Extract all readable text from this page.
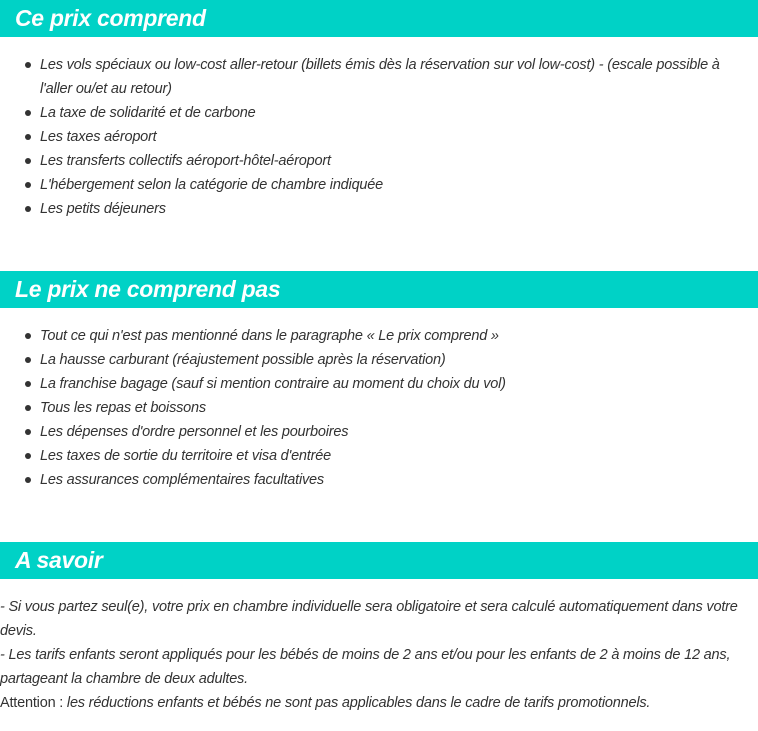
Ce prix comprend
Les vols spéciaux ou low-cost aller-retour (billets émis dès la réservation sur vol low-cost) - (escale possible à l'aller ou/et au retour)
La taxe de solidarité et de carbone
Les taxes aéroport
Les transferts collectifs aéroport-hôtel-aéroport
L'hébergement selon la catégorie de chambre indiquée
Les petits déjeuners
Le prix ne comprend pas
Tout ce qui n'est pas mentionné dans le paragraphe « Le prix comprend »
La hausse carburant (réajustement possible après la réservation)
La franchise bagage (sauf si mention contraire au moment du choix du vol)
Tous les repas et boissons
Les dépenses d'ordre personnel et les pourboires
Les taxes de sortie du territoire et visa d'entrée
Les assurances complémentaires facultatives
A savoir

- Si vous partez seul(e), votre prix en chambre individuelle sera obligatoire et sera calculé automatiquement dans votre devis.

- Les tarifs enfants seront appliqués pour les bébés de moins de 2 ans et/ou pour les enfants de 2 à moins de 12 ans, partageant la chambre de deux adultes.

Attention : les réductions enfants et bébés ne sont pas applicables dans le cadre de tarifs promotionnels.
